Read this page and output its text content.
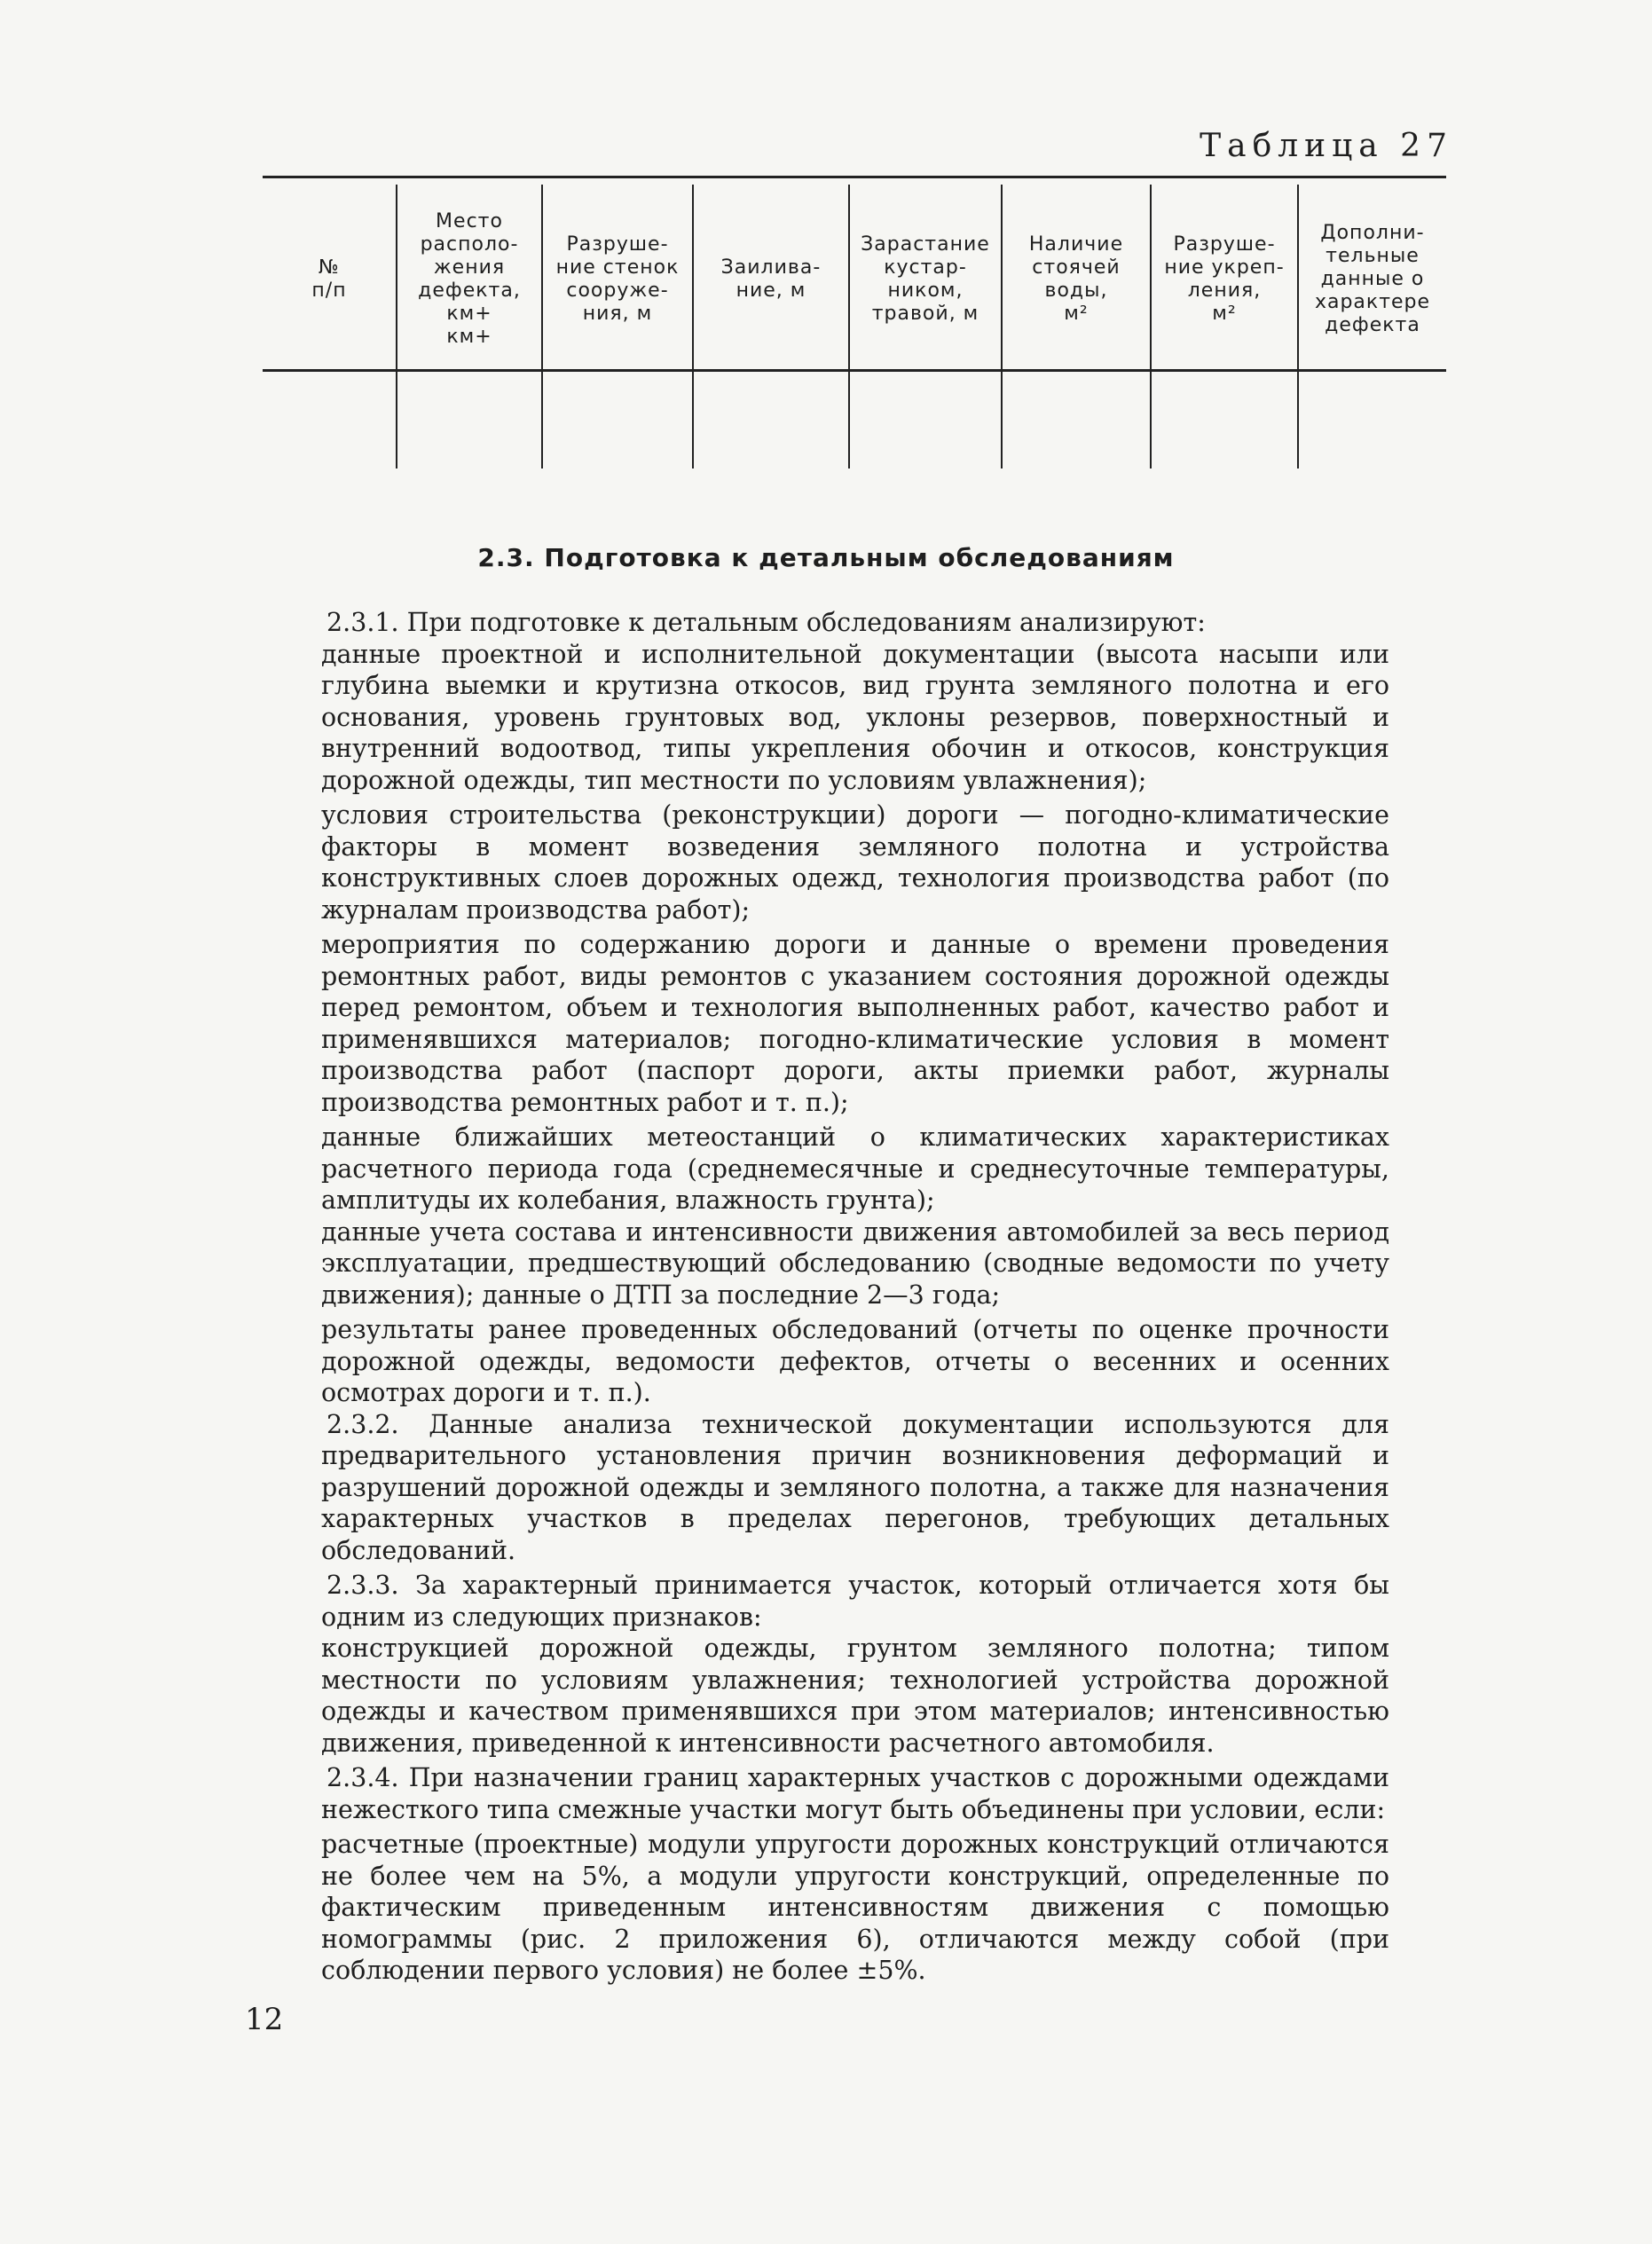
Таблица 27
№
п/п
Место
располо-
жения
дефекта,
км+
км+
Разруше-
ние стенок
сооруже-
ния, м
Заилива-
ние, м
Зарастание
кустар-
ником,
травой, м
Наличие
стоячей
воды,
м²
Разруше-
ние укреп-
ления,
м²
Дополни-
тельные
данные о
характере
дефекта
2.3. Подготовка к детальным обследованиям

2.3.1. При подготовке к детальным обследованиям анализируют:

данные проектной и исполнительной документации (высота насыпи или глубина выемки и крутизна откосов, вид грунта земляного полотна и его основания, уровень грунтовых вод, уклоны резервов, поверхностный и внутренний водоотвод, типы укрепления обочин и откосов, конструкция дорожной одежды, тип местности по условиям увлажнения);

условия строительства (реконструкции) дороги — погодно-климатические факторы в момент возведения земляного полотна и устройства конструктивных слоев дорожных одежд, технология производства работ (по журналам производства работ);

мероприятия по содержанию дороги и данные о времени проведения ремонтных работ, виды ремонтов с указанием состояния дорожной одежды перед ремонтом, объем и технология выполненных работ, качество работ и применявшихся материалов; погодно-климатические условия в момент производства работ (паспорт дороги, акты приемки работ, журналы производства ремонтных работ и т. п.);

данные ближайших метеостанций о климатических характеристиках расчетного периода года (среднемесячные и среднесуточные температуры, амплитуды их колебания, влажность грунта);

данные учета состава и интенсивности движения автомобилей за весь период эксплуатации, предшествующий обследованию (сводные ведомости по учету движения); данные о ДТП за последние 2—3 года;

результаты ранее проведенных обследований (отчеты по оценке прочности дорожной одежды, ведомости дефектов, отчеты о весенних и осенних осмотрах дороги и т. п.).

2.3.2. Данные анализа технической документации используются для предварительного установления причин возникновения деформаций и разрушений дорожной одежды и земляного полотна, а также для назначения характерных участков в пределах перегонов, требующих детальных обследований.

2.3.3. За характерный принимается участок, который отличается хотя бы одним из следующих признаков:

конструкцией дорожной одежды, грунтом земляного полотна; типом местности по условиям увлажнения; технологией устройства дорожной одежды и качеством применявшихся при этом материалов; интенсивностью движения, приведенной к интенсивности расчетного автомобиля.

2.3.4. При назначении границ характерных участков с дорожными одеждами нежесткого типа смежные участки могут быть объединены при условии, если:

расчетные (проектные) модули упругости дорожных конструкций отличаются не более чем на 5%, а модули упругости конструкций, определенные по фактическим приведенным интенсивностям движения с помощью номограммы (рис. 2 приложения 6), отличаются между собой (при соблюдении первого условия) не более ±5%.

12
